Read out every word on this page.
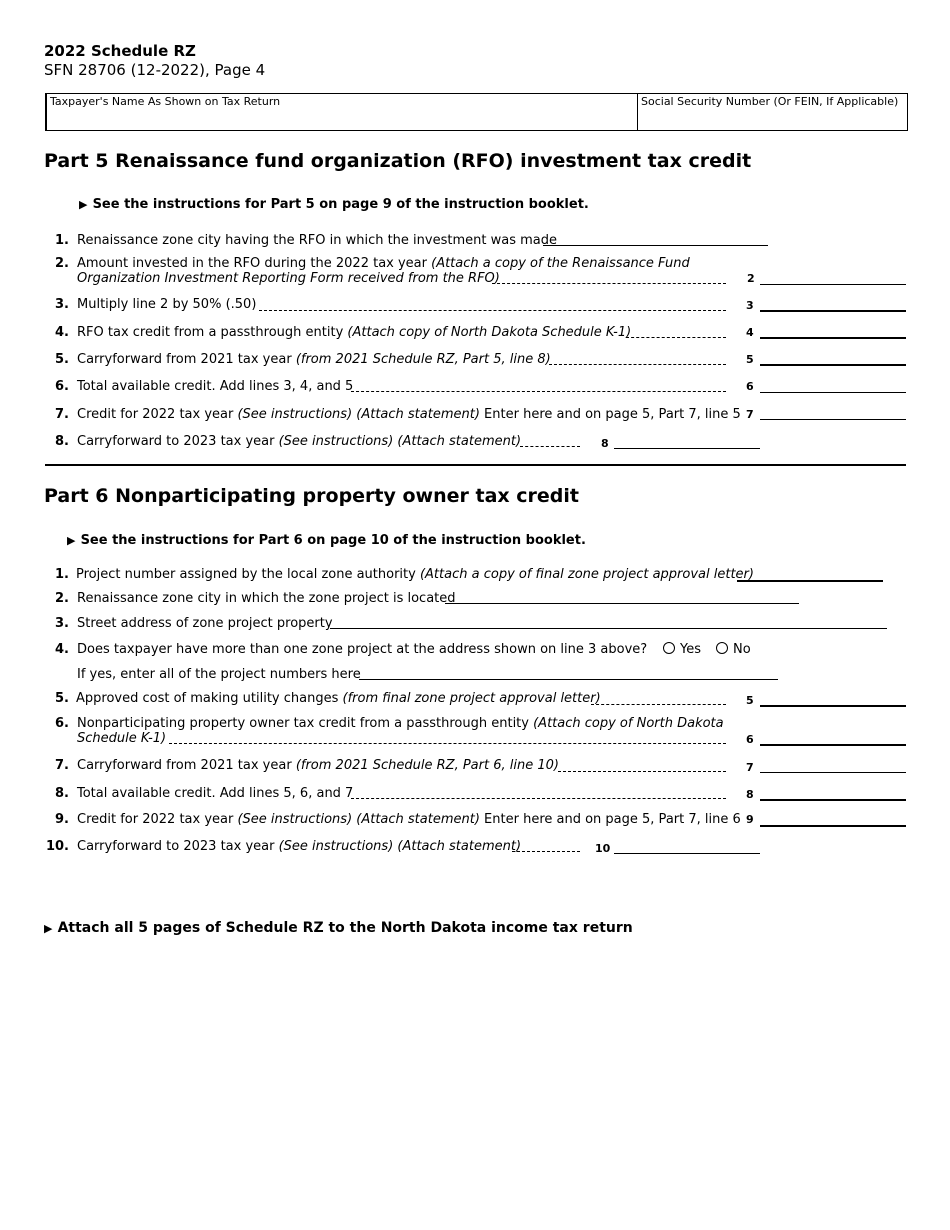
2022 Schedule RZ
SFN 28706 (12-2022), Page 4
Taxpayer's Name As Shown on Tax Return	Social Security Number (Or FEIN, If Applicable)
Part 5 Renaissance fund organization (RFO) investment tax credit
▶ See the instructions for Part 5 on page 9 of the instruction booklet.
1. Renaissance zone city having the RFO in which the investment was made
2. Amount invested in the RFO during the 2022 tax year (Attach a copy of the Renaissance Fund
Organization Investment Reporting Form received from the RFO)	2
3. Multiply line 2 by 50% (.50)	3
4. RFO tax credit from a passthrough entity (Attach copy of North Dakota Schedule K-1)	4
5. Carryforward from 2021 tax year (from 2021 Schedule RZ, Part 5, line 8)	5
6. Total available credit. Add lines 3, 4, and 5	6
7. Credit for 2022 tax year (See instructions) (Attach statement) Enter here and on page 5, Part 7, line 5 7
8. Carryforward to 2023 tax year (See instructions) (Attach statement)	8
Part 6 Nonparticipating property owner tax credit
▶ See the instructions for Part 6 on page 10 of the instruction booklet.
1. Project number assigned by the local zone authority (Attach a copy of final zone project approval letter)
2. Renaissance zone city in which the zone project is located
3. Street address of zone project property
4. Does taxpayer have more than one zone project at the address shown on line 3 above?	Yes	No
If yes, enter all of the project numbers here
5. Approved cost of making utility changes (from final zone project approval letter)	5
6. Nonparticipating property owner tax credit from a passthrough entity (Attach copy of North Dakota
Schedule K-1)	6
7. Carryforward from 2021 tax year (from 2021 Schedule RZ, Part 6, line 10)	7
8. Total available credit. Add lines 5, 6, and 7	8
9. Credit for 2022 tax year (See instructions) (Attach statement) Enter here and on page 5, Part 7, line 6 9
10. Carryforward to 2023 tax year (See instructions) (Attach statement)	10
▶ Attach all 5 pages of Schedule RZ to the North Dakota income tax return
